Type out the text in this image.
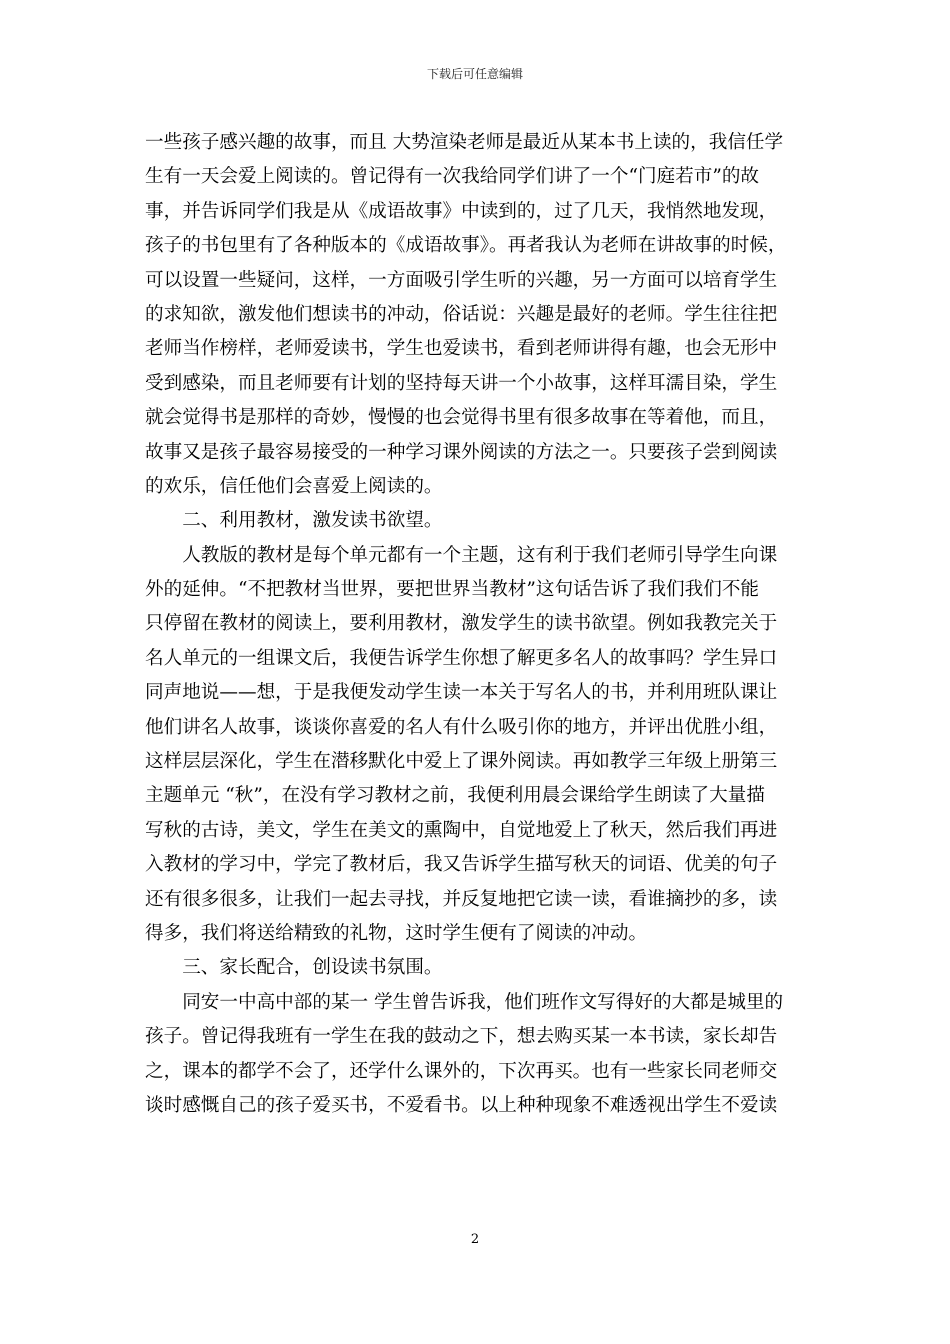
下载后可任意编辑
一些孩子感兴趣的故事，而且 大势渲染老师是最近从某本书上读的，我信任学
生有一天会爱上阅读的。曾记得有一次我给同学们讲了一个“门庭若市”的故
事，并告诉同学们我是从《成语故事》中读到的，过了几天，我悄然地发现，
孩子的书包里有了各种版本的《成语故事》。再者我认为老师在讲故事的时候，
可以设置一些疑问，这样，一方面吸引学生听的兴趣，另一方面可以培育学生
的求知欲，激发他们想读书的冲动，俗话说：兴趣是最好的老师。学生往往把
老师当作榜样，老师爱读书，学生也爱读书，看到老师讲得有趣，也会无形中
受到感染，而且老师要有计划的坚持每天讲一个小故事，这样耳濡目染，学生
就会觉得书是那样的奇妙，慢慢的也会觉得书里有很多故事在等着他，而且，
故事又是孩子最容易接受的一种学习课外阅读的方法之一。只要孩子尝到阅读
的欢乐，信任他们会喜爱上阅读的。
　　二、利用教材，激发读书欲望。
　　人教版的教材是每个单元都有一个主题，这有利于我们老师引导学生向课
外的延伸。“不把教材当世界，要把世界当教材”这句话告诉了我们我们不能
只停留在教材的阅读上，要利用教材，激发学生的读书欲望。例如我教完关于
名人单元的一组课文后，我便告诉学生你想了解更多名人的故事吗？学生异口
同声地说——想，于是我便发动学生读一本关于写名人的书，并利用班队课让
他们讲名人故事，谈谈你喜爱的名人有什么吸引你的地方，并评出优胜小组，
这样层层深化，学生在潜移默化中爱上了课外阅读。再如教学三年级上册第三
主题单元 “秋”，在没有学习教材之前，我便利用晨会课给学生朗读了大量描
写秋的古诗，美文，学生在美文的熏陶中，自觉地爱上了秋天，然后我们再进
入教材的学习中，学完了教材后，我又告诉学生描写秋天的词语、优美的句子
还有很多很多，让我们一起去寻找，并反复地把它读一读，看谁摘抄的多，读
得多，我们将送给精致的礼物，这时学生便有了阅读的冲动。
　　三、家长配合，创设读书氛围。
　　同安一中高中部的某一 学生曾告诉我，他们班作文写得好的大都是城里的
孩子。曾记得我班有一学生在我的鼓动之下，想去购买某一本书读，家长却告
之，课本的都学不会了，还学什么课外的，下次再买。也有一些家长同老师交
谈时感慨自己的孩子爱买书，不爱看书。以上种种现象不难透视出学生不爱读
2
